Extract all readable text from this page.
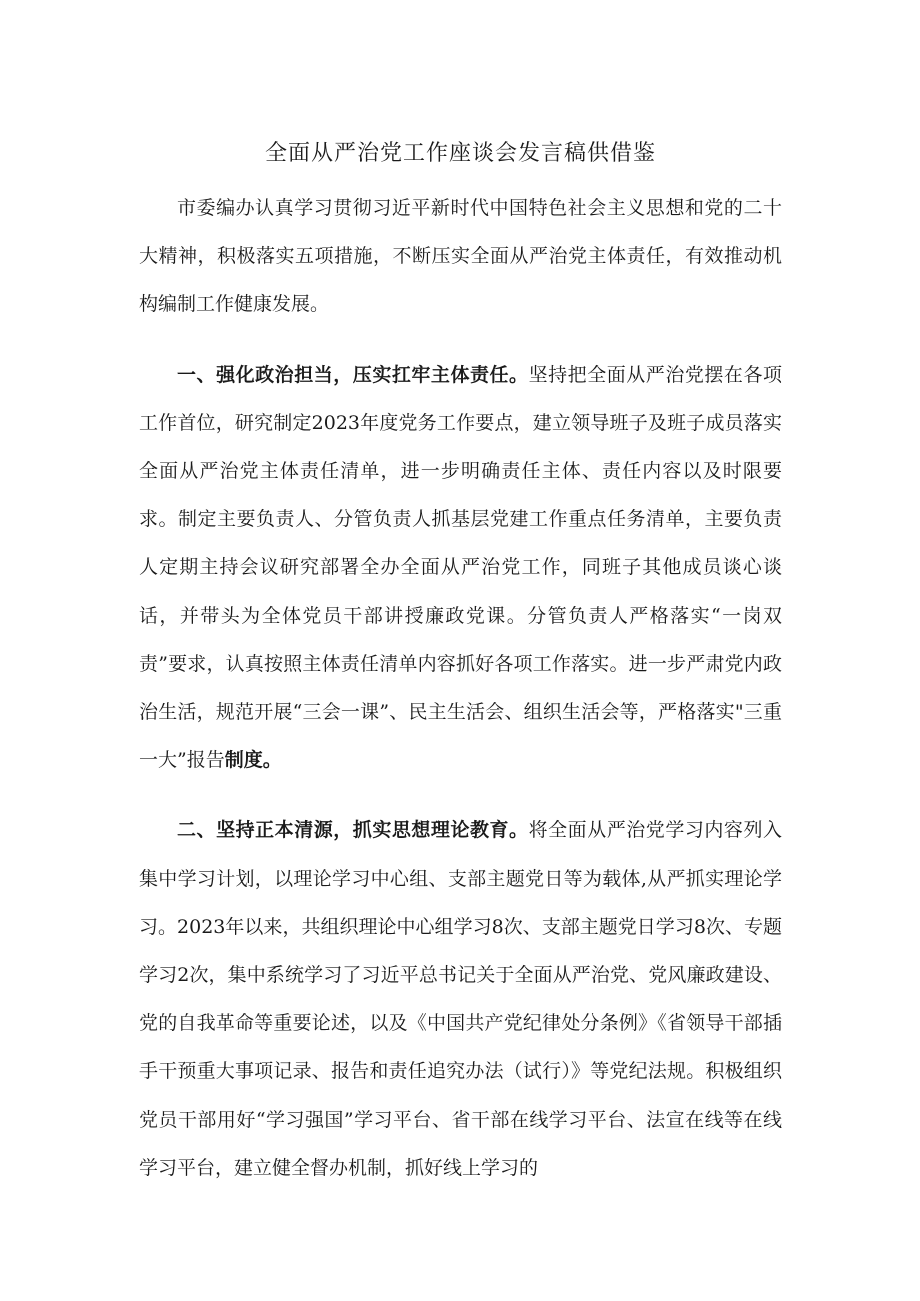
全面从严治党工作座谈会发言稿供借鉴

市委编办认真学习贯彻习近平新时代中国特色社会主义思想和党的二十大精神，积极落实五项措施，不断压实全面从严治党主体责任，有效推动机构编制工作健康发展。

一、强化政治担当，压实扛牢主体责任。坚持把全面从严治党摆在各项工作首位，研究制定2023年度党务工作要点，建立领导班子及班子成员落实全面从严治党主体责任清单，进一步明确责任主体、责任内容以及时限要求。制定主要负责人、分管负责人抓基层党建工作重点任务清单，主要负责人定期主持会议研究部署全办全面从严治党工作，同班子其他成员谈心谈话，并带头为全体党员干部讲授廉政党课。分管负责人严格落实“一岗双责”要求，认真按照主体责任清单内容抓好各项工作落实。进一步严肃党内政治生活，规范开展“三会一课”、民主生活会、组织生活会等，严格落实"三重一大”报告制度。

二、坚持正本清源，抓实思想理论教育。将全面从严治党学习内容列入集中学习计划，以理论学习中心组、支部主题党日等为载体,从严抓实理论学习。2023年以来，共组织理论中心组学习8次、支部主题党日学习8次、专题学习2次，集中系统学习了习近平总书记关于全面从严治党、党风廉政建设、党的自我革命等重要论述，以及《中国共产党纪律处分条例》《省领导干部插手干预重大事项记录、报告和责任追究办法（试行）》等党纪法规。积极组织党员干部用好“学习强国”学习平台、省干部在线学习平台、法宣在线等在线学习平台，建立健全督办机制，抓好线上学习的
